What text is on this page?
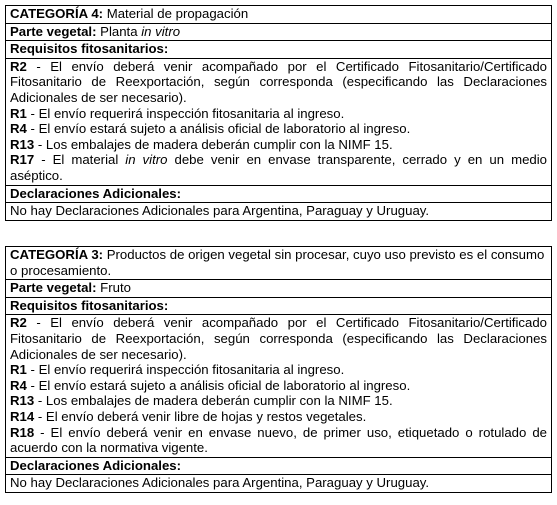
CATEGORÍA 4: Material de propagación
Parte vegetal: Planta in vitro
Requisitos fitosanitarios:
R2 - El envío deberá venir acompañado por el Certificado Fitosanitario/Certificado Fitosanitario de Reexportación, según corresponda (especificando las Declaraciones Adicionales de ser necesario).
R1 - El envío requerirá inspección fitosanitaria al ingreso.
R4 - El envío estará sujeto a análisis oficial de laboratorio al ingreso.
R13 - Los embalajes de madera deberán cumplir con la NIMF 15.
R17 - El material in vitro debe venir en envase transparente, cerrado y en un medio aséptico.
Declaraciones Adicionales:
No hay Declaraciones Adicionales para Argentina, Paraguay y Uruguay.
CATEGORÍA 3: Productos de origen vegetal sin procesar, cuyo uso previsto es el consumo o procesamiento.
Parte vegetal: Fruto
Requisitos fitosanitarios:
R2 - El envío deberá venir acompañado por el Certificado Fitosanitario/Certificado Fitosanitario de Reexportación, según corresponda (especificando las Declaraciones Adicionales de ser necesario).
R1 - El envío requerirá inspección fitosanitaria al ingreso.
R4 - El envío estará sujeto a análisis oficial de laboratorio al ingreso.
R13 - Los embalajes de madera deberán cumplir con la NIMF 15.
R14 - El envío deberá venir libre de hojas y restos vegetales.
R18 - El envío deberá venir en envase nuevo, de primer uso, etiquetado o rotulado de acuerdo con la normativa vigente.
Declaraciones Adicionales:
No hay Declaraciones Adicionales para Argentina, Paraguay y Uruguay.
